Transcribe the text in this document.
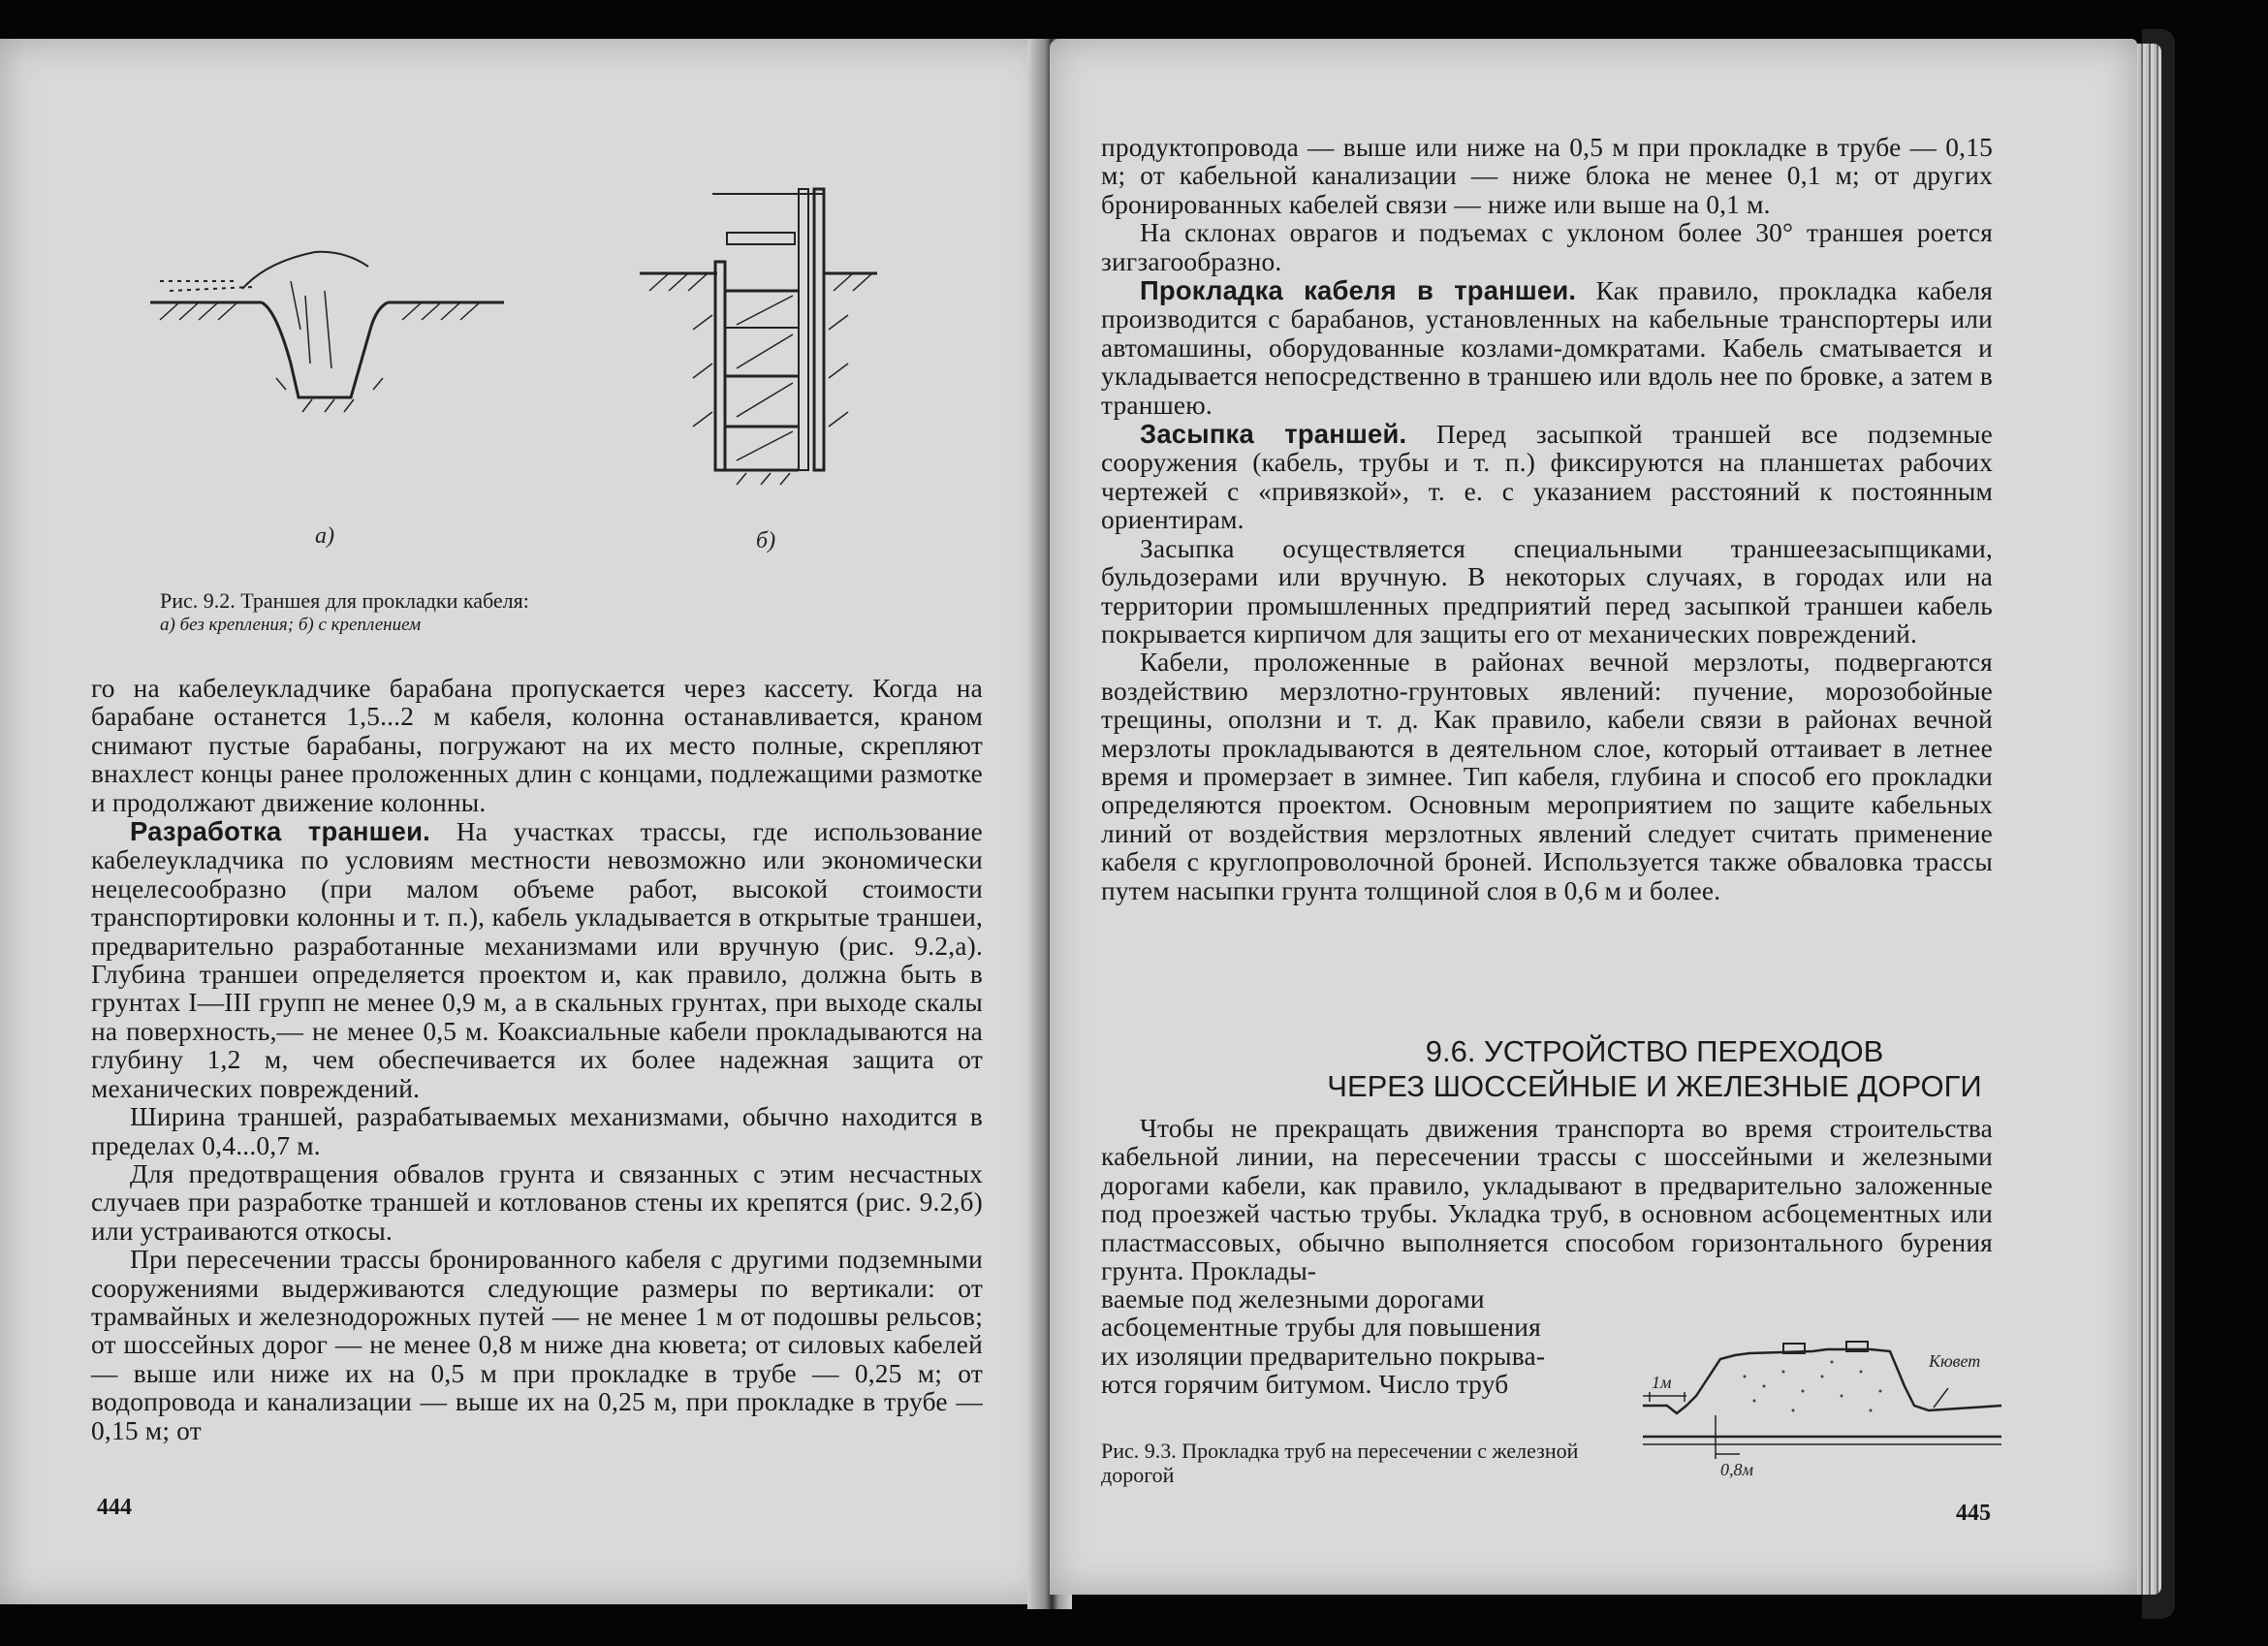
a)	б)
Рис. 9.2. Траншея для прокладки кабеля:
а) без крепления; б) с креплением

го на кабелеукладчике барабана пропускается через кассету. Когда на барабане останется 1,5...2 м кабеля, колонна останавливается, краном снимают пустые барабаны, погружают на их место полные, скрепляют внахлест концы ранее проложенных длин с концами, подлежащими размотке и продолжают движение колонны.

Разработка траншеи. На участках трассы, где использование кабелеукладчика по условиям местности невозможно или экономически нецелесообразно (при малом объеме работ, высокой стоимости транспортировки колонны и т. п.), кабель укладывается в открытые траншеи, предварительно разработанные механизмами или вручную (рис. 9.2,а). Глубина траншеи определяется проектом и, как правило, должна быть в грунтах I—III групп не менее 0,9 м, а в скальных грунтах, при выходе скалы на поверхность,— не менее 0,5 м. Коаксиальные кабели прокладываются на глубину 1,2 м, чем обеспечивается их более надежная защита от механических повреждений.

Ширина траншей, разрабатываемых механизмами, обычно находится в пределах 0,4...0,7 м.

Для предотвращения обвалов грунта и связанных с этим несчастных случаев при разработке траншей и котлованов стены их крепятся (рис. 9.2,б) или устраиваются откосы.

При пересечении трассы бронированного кабеля с другими подземными сооружениями выдерживаются следующие размеры по вертикали: от трамвайных и железнодорожных путей — не менее 1 м от подошвы рельсов; от шоссейных дорог — не менее 0,8 м ниже дна кювета; от силовых кабелей — выше или ниже их на 0,5 м при прокладке в трубе — 0,25 м; от водопровода и канализации — выше их на 0,25 м, при прокладке в трубе — 0,15 м; от

444

продуктопровода — выше или ниже на 0,5 м при прокладке в трубе — 0,15 м; от кабельной канализации — ниже блока не менее 0,1 м; от других бронированных кабелей связи — ниже или выше на 0,1 м.

На склонах оврагов и подъемах с уклоном более 30° траншея роется зигзагообразно.

Прокладка кабеля в траншеи. Как правило, прокладка кабеля производится с барабанов, установленных на кабельные транспортеры или автомашины, оборудованные козлами-домкратами. Кабель сматывается и укладывается непосредственно в траншею или вдоль нее по бровке, а затем в траншею.

Засыпка траншей. Перед засыпкой траншей все подземные сооружения (кабель, трубы и т. п.) фиксируются на планшетах рабочих чертежей с «привязкой», т. е. с указанием расстояний к постоянным ориентирам.

Засыпка осуществляется специальными траншеезасыпщиками, бульдозерами или вручную. В некоторых случаях, в городах или на территории промышленных предприятий перед засыпкой траншеи кабель покрывается кирпичом для защиты его от механических повреждений.

Кабели, проложенные в районах вечной мерзлоты, подвергаются воздействию мерзлотно-грунтовых явлений: пучение, морозобойные трещины, оползни и т. д. Как правило, кабели связи в районах вечной мерзлоты прокладываются в деятельном слое, который оттаивает в летнее время и промерзает в зимнее. Тип кабеля, глубина и способ его прокладки определяются проектом. Основным мероприятием по защите кабельных линий от воздействия мерзлотных явлений следует считать применение кабеля с круглопроволочной броней. Используется также обваловка трассы путем насыпки грунта толщиной слоя в 0,6 м и более.

9.6. УСТРОЙСТВО ПЕРЕХОДОВ
ЧЕРЕЗ ШОССЕЙНЫЕ И ЖЕЛЕЗНЫЕ ДОРОГИ

Чтобы не прекращать движения транспорта во время строительства кабельной линии, на пересечении трассы с шоссейными и железными дорогами кабели, как правило, укладывают в предварительно заложенные под проезжей частью трубы. Укладка труб, в основном асбоцементных или пластмассовых, обычно выполняется способом горизонтального бурения грунта. Проклады-

ваемые под железными дорогами
асбоцементные трубы для повышения
их изоляции предварительно покрыва-
ются горячим битумом. Число труб	1м
Кювет
0,8м
Рис. 9.3. Прокладка труб на пересечении с железной дорогой
445
